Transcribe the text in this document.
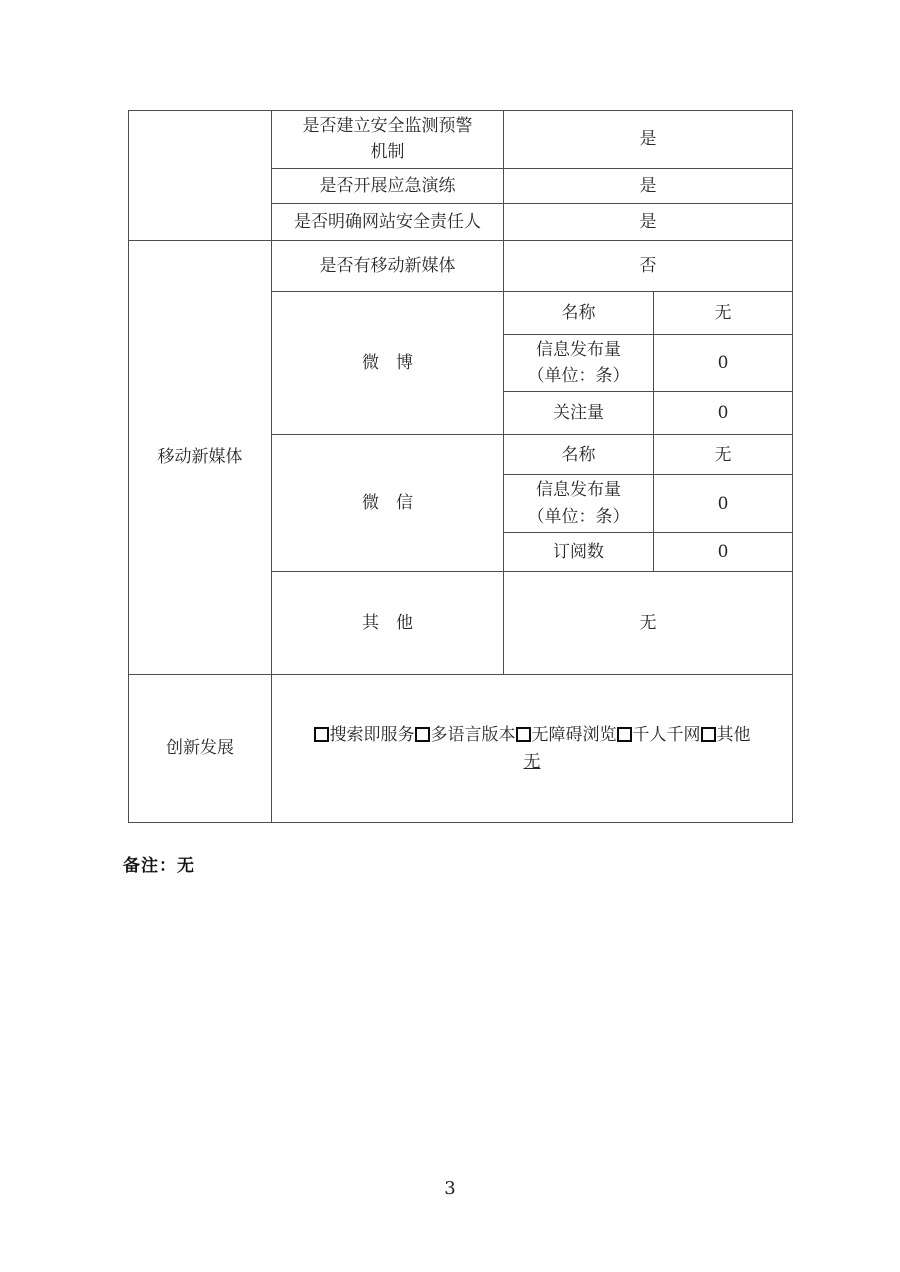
	是否建立安全监测预警
机制	是	
	是否开展应急演练	是	
	是否明确网站安全责任人	是	
移动新媒体	是否有移动新媒体	否	
	微　博	名称	无

		信息发布量
（单位：条）	0
		关注量	0
	微　信	名称	无

		信息发布量
（单位：条）	0
		订阅数	0
	其　他	无	
创新发展	搜索即服务 多语言版本 无障碍浏览 千人千网 其他
无		
备注：无
3
